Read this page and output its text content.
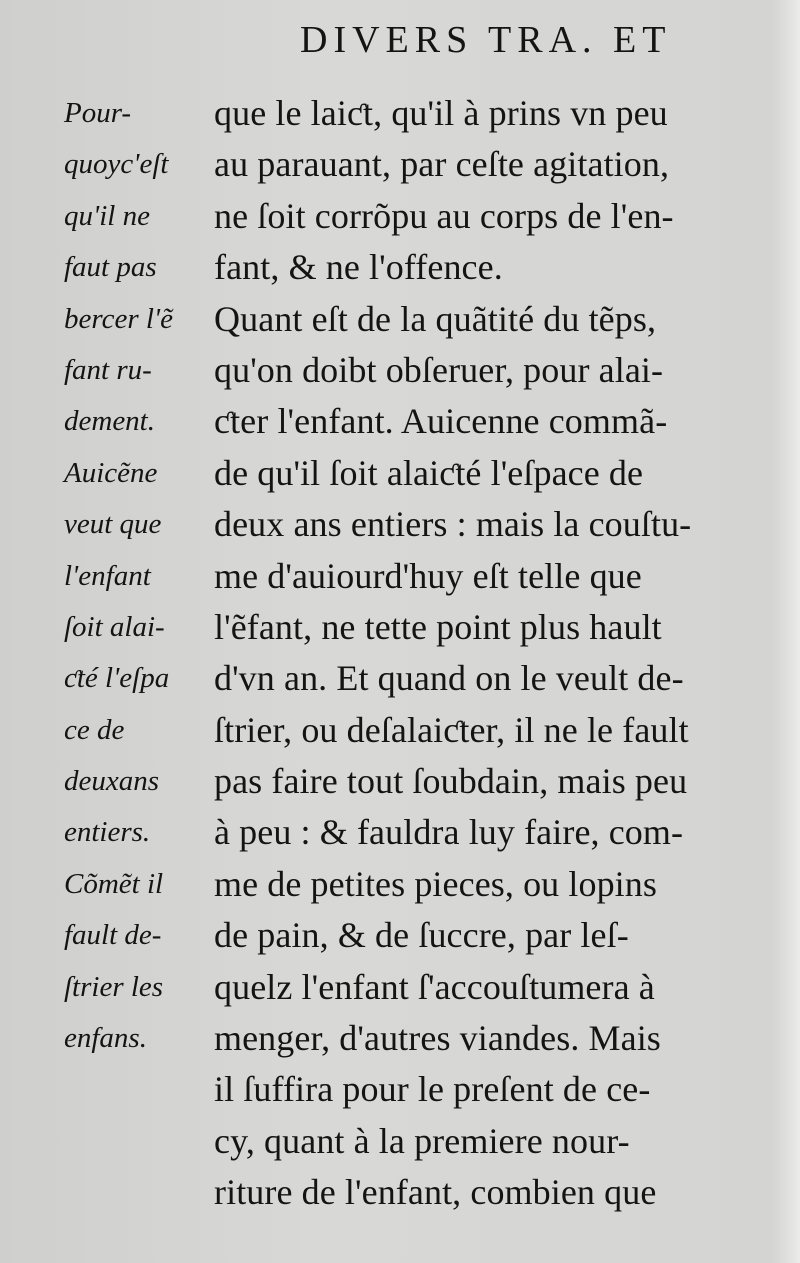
DIVERS TRA. ET
Pour-
quoyc'eſt
qu'il ne
faut pas
bercer l'ẽ
fant ru-
dement.
Auicẽne
veut que
l'enfant
ſoit alai-
ƈté l'eſpa
ce de
deuxans
entiers.
Cõmẽt il
fault de-
ſtrier les
enfans.
que le laiƈt, qu'il à prins vn peu
au parauant, par ceſte agitation,
ne ſoit corrõpu au corps de l'en-
fant, & ne l'offence.
Quant eſt de la quãtité du tẽps,
qu'on doibt obſeruer, pour alai-
ƈter l'enfant. Auicenne commã-
de qu'il ſoit alaiƈté l'eſpace de
deux ans entiers : mais la couſtu-
me d'auiourd'huy eſt telle que
l'ẽfant, ne tette point plus hault
d'vn an. Et quand on le veult de-
ſtrier, ou deſalaiƈter, il ne le fault
pas faire tout ſoubdain, mais peu
à peu : & fauldra luy faire, com-
me de petites pieces, ou lopins
de pain, & de ſuccre, par leſ-
quelz l'enfant ſ'accouſtumera à
menger, d'autres viandes. Mais
il ſuffira pour le preſent de ce-
cy, quant à la premiere nour-
riture de l'enfant, combien que
